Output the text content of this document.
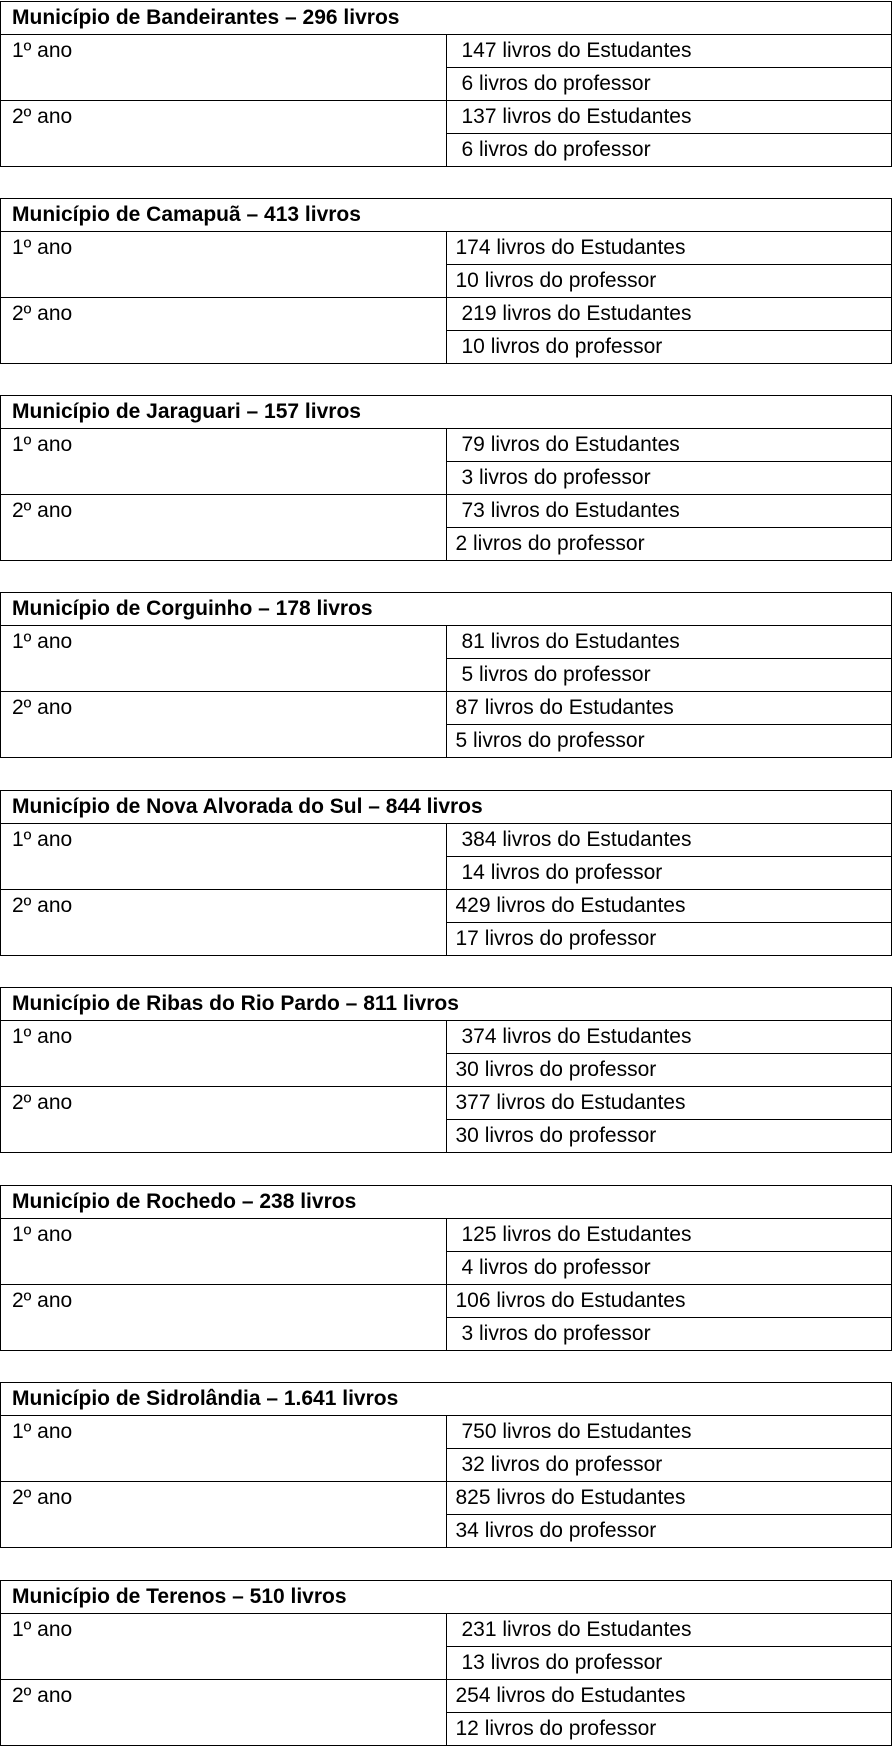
Município de Bandeirantes – 296 livros	
1º ano	147 livros do Estudantes
	6 livros do professor
2º ano	137 livros do Estudantes
	6 livros do professor
Município de Camapuã – 413 livros	
1º ano	174 livros do Estudantes
	10 livros do professor
2º ano	219 livros do Estudantes
	10 livros do professor
Município de Jaraguari – 157 livros	
1º ano	79 livros do Estudantes
	3 livros do professor
2º ano	73 livros do Estudantes
	2 livros do professor
Município de Corguinho – 178 livros	
1º ano	81 livros do Estudantes
	5 livros do professor
2º ano	87 livros do Estudantes
	5 livros do professor
Município de Nova Alvorada do Sul – 844 livros	
1º ano	384 livros do Estudantes
	14 livros do professor
2º ano	429 livros do Estudantes
	17 livros do professor
Município de Ribas do Rio Pardo – 811 livros	
1º ano	374 livros do Estudantes
	30 livros do professor
2º ano	377 livros do Estudantes
	30 livros do professor
Município de Rochedo – 238 livros	
1º ano	125 livros do Estudantes
	4 livros do professor
2º ano	106 livros do Estudantes
	3 livros do professor
Município de Sidrolândia – 1.641 livros	
1º ano	750 livros do Estudantes
	32 livros do professor
2º ano	825 livros do Estudantes
	34 livros do professor
Município de Terenos – 510 livros	
1º ano	231 livros do Estudantes
	13 livros do professor
2º ano	254 livros do Estudantes
	12 livros do professor
